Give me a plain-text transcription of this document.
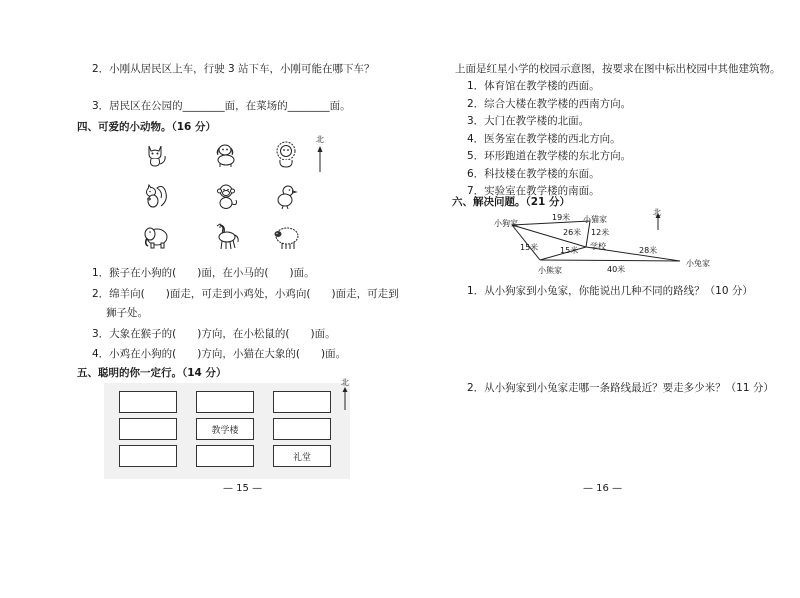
2．小刚从居民区上车，行驶 3 站下车，小刚可能在哪下车？
3．居民区在公园的________面，在菜场的________面。
四、可爱的小动物。（16 分）
北
1．猴子在小狗的(　　)面，在小马的(　　)面。
2．绵羊向(　　)面走，可走到小鸡处，小鸡向(　　)面走，可走到
狮子处。
3．大象在猴子的(　　)方向，在小松鼠的(　　)面。
4．小鸡在小狗的(　　)方向，小猫在大象的(　　)面。
五、聪明的你一定行。（14 分）
北
教学楼
礼堂
— 15 —
上面是红星小学的校园示意图，按要求在图中标出校园中其他建筑物。
1．体育馆在教学楼的西面。
2．综合大楼在教学楼的西南方向。
3．大门在教学楼的北面。
4．医务室在教学楼的西北方向。
5．环形跑道在教学楼的东北方向。
6．科技楼在教学楼的东面。
7．实验室在教学楼的南面。
六、解决问题。（21 分）
北
小狗家	小猫家
学校
小熊家
小兔家
19米
26米 12米
15米	15米	28米
40米
1．从小狗家到小兔家，你能说出几种不同的路线？（10 分）
2．从小狗家到小兔家走哪一条路线最近？要走多少米？（11 分）
— 16 —
